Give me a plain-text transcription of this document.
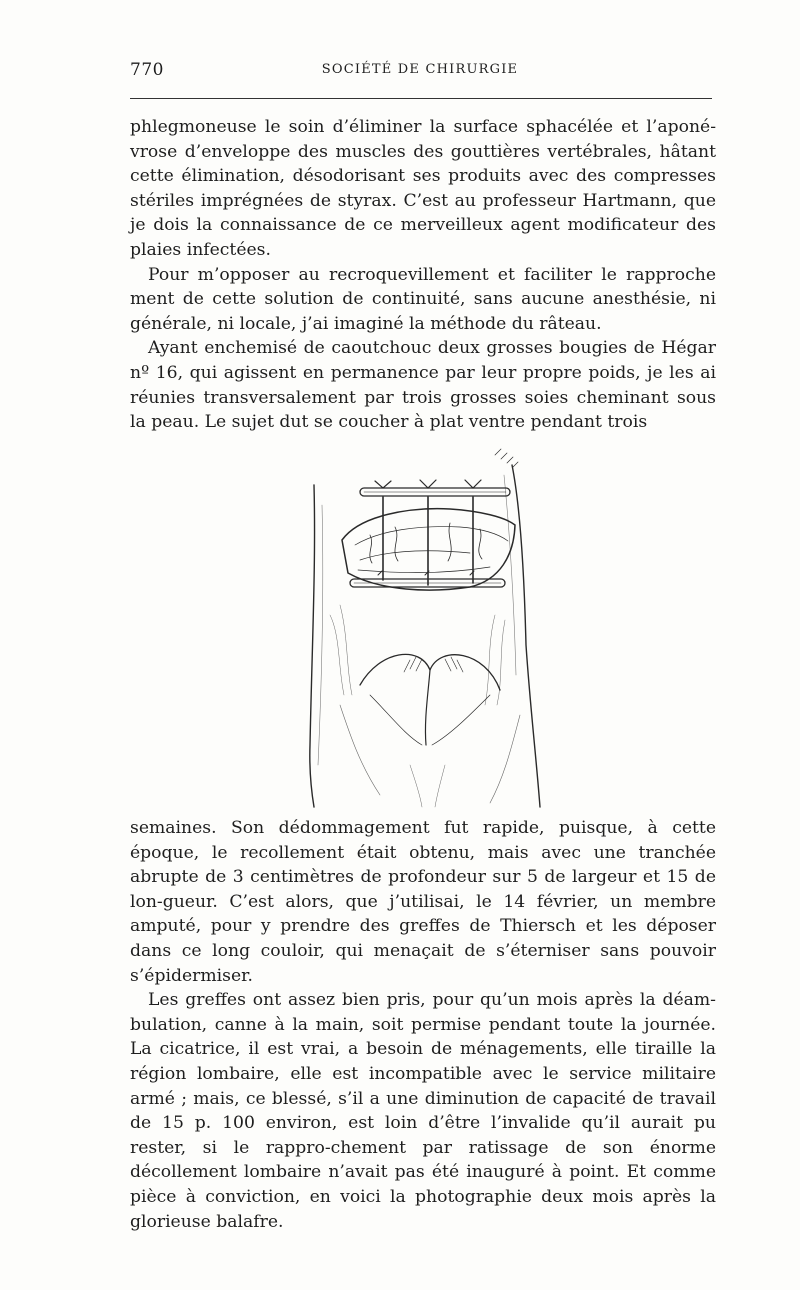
770	SOCIÉTÉ DE CHIRURGIE

phlegmoneuse le soin d’éliminer la surface sphacélée et l’aponé-vrose d’enveloppe des muscles des gouttières vertébrales, hâtant cette élimination, désodorisant ses produits avec des compresses stériles imprégnées de styrax. C’est au professeur Hartmann, que je dois la connaissance de ce merveilleux agent modificateur des plaies infectées.

Pour m’opposer au recroquevillement et faciliter le rapproche ment de cette solution de continuité, sans aucune anesthésie, ni générale, ni locale, j’ai imaginé la méthode du râteau.

Ayant enchemisé de caoutchouc deux grosses bougies de Hégar nº 16, qui agissent en permanence par leur propre poids, je les ai réunies transversalement par trois grosses soies cheminant sous la peau. Le sujet dut se coucher à plat ventre pendant trois

semaines. Son dédommagement fut rapide, puisque, à cette époque, le recollement était obtenu, mais avec une tranchée abrupte de 3 centimètres de profondeur sur 5 de largeur et 15 de lon-gueur. C’est alors, que j’utilisai, le 14 février, un membre amputé, pour y prendre des greffes de Thiersch et les déposer dans ce long couloir, qui menaçait de s’éterniser sans pouvoir s’épidermiser.

Les greffes ont assez bien pris, pour qu’un mois après la déam-bulation, canne à la main, soit permise pendant toute la journée. La cicatrice, il est vrai, a besoin de ménagements, elle tiraille la région lombaire, elle est incompatible avec le service militaire armé ; mais, ce blessé, s’il a une diminution de capacité de travail de 15 p. 100 environ, est loin d’être l’invalide qu’il aurait pu rester, si le rappro-chement par ratissage de son énorme décollement lombaire n’avait pas été inauguré à point. Et comme pièce à conviction, en voici la photographie deux mois après la glorieuse balafre.
